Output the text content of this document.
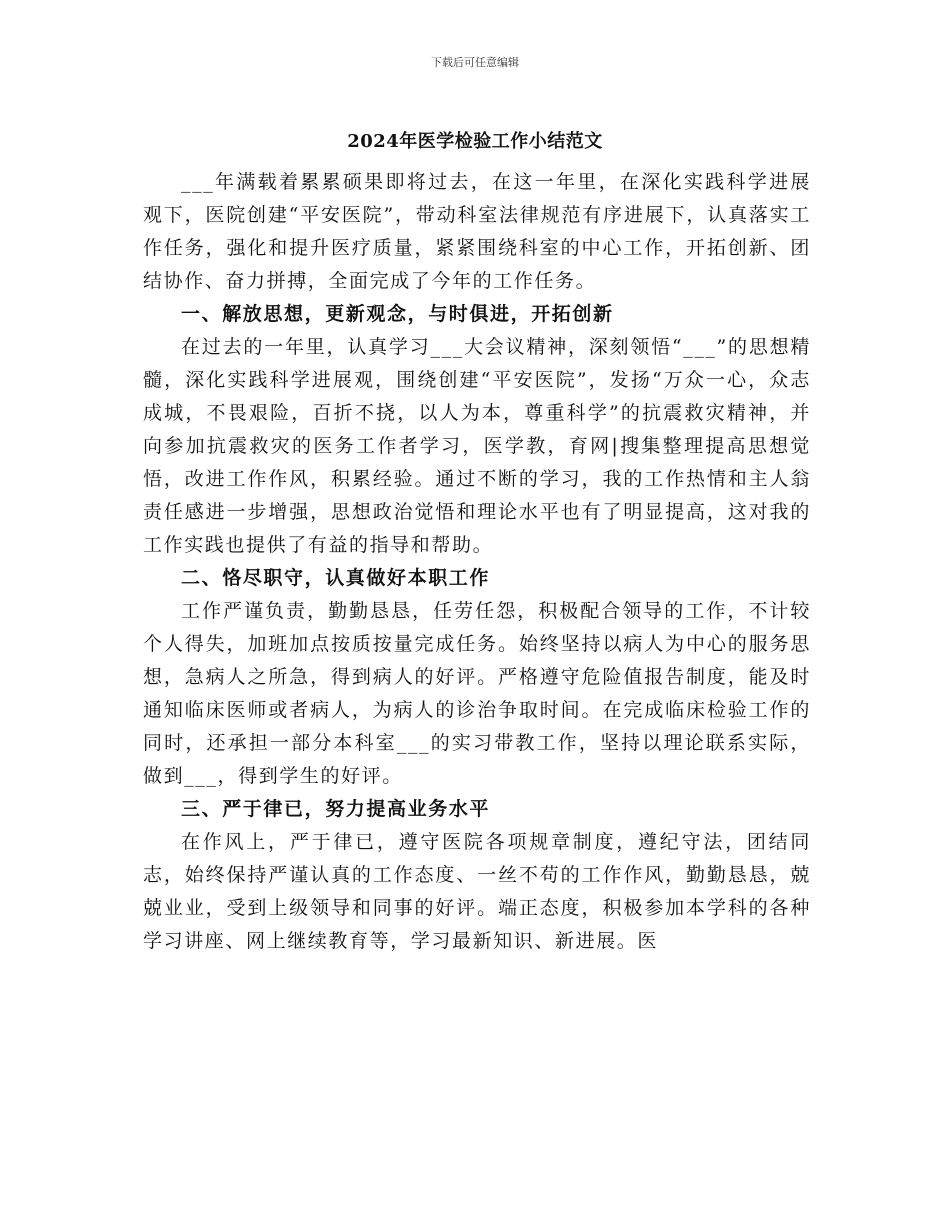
下载后可任意编辑
2024年医学检验工作小结范文

___年满载着累累硕果即将过去，在这一年里，在深化实践科学进展观下，医院创建“平安医院”，带动科室法律规范有序进展下，认真落实工作任务，强化和提升医疗质量，紧紧围绕科室的中心工作，开拓创新、团结协作、奋力拼搏，全面完成了今年的工作任务。

一、解放思想，更新观念，与时俱进，开拓创新

在过去的一年里，认真学习___大会议精神，深刻领悟“___”的思想精髓，深化实践科学进展观，围绕创建“平安医院”，发扬“万众一心，众志成城，不畏艰险，百折不挠，以人为本，尊重科学”的抗震救灾精神，并向参加抗震救灾的医务工作者学习，医学教，育网|搜集整理提高思想觉悟，改进工作作风，积累经验。通过不断的学习，我的工作热情和主人翁责任感进一步增强，思想政治觉悟和理论水平也有了明显提高，这对我的工作实践也提供了有益的指导和帮助。

二、恪尽职守，认真做好本职工作

工作严谨负责，勤勤恳恳，任劳任怨，积极配合领导的工作，不计较个人得失，加班加点按质按量完成任务。始终坚持以病人为中心的服务思想，急病人之所急，得到病人的好评。严格遵守危险值报告制度，能及时通知临床医师或者病人，为病人的诊治争取时间。在完成临床检验工作的同时，还承担一部分本科室___的实习带教工作，坚持以理论联系实际，做到___，得到学生的好评。

三、严于律已，努力提高业务水平

在作风上，严于律已，遵守医院各项规章制度，遵纪守法，团结同志，始终保持严谨认真的工作态度、一丝不苟的工作作风，勤勤恳恳，兢兢业业，受到上级领导和同事的好评。端正态度，积极参加本学科的各种学习讲座、网上继续教育等，学习最新知识、新进展。医
